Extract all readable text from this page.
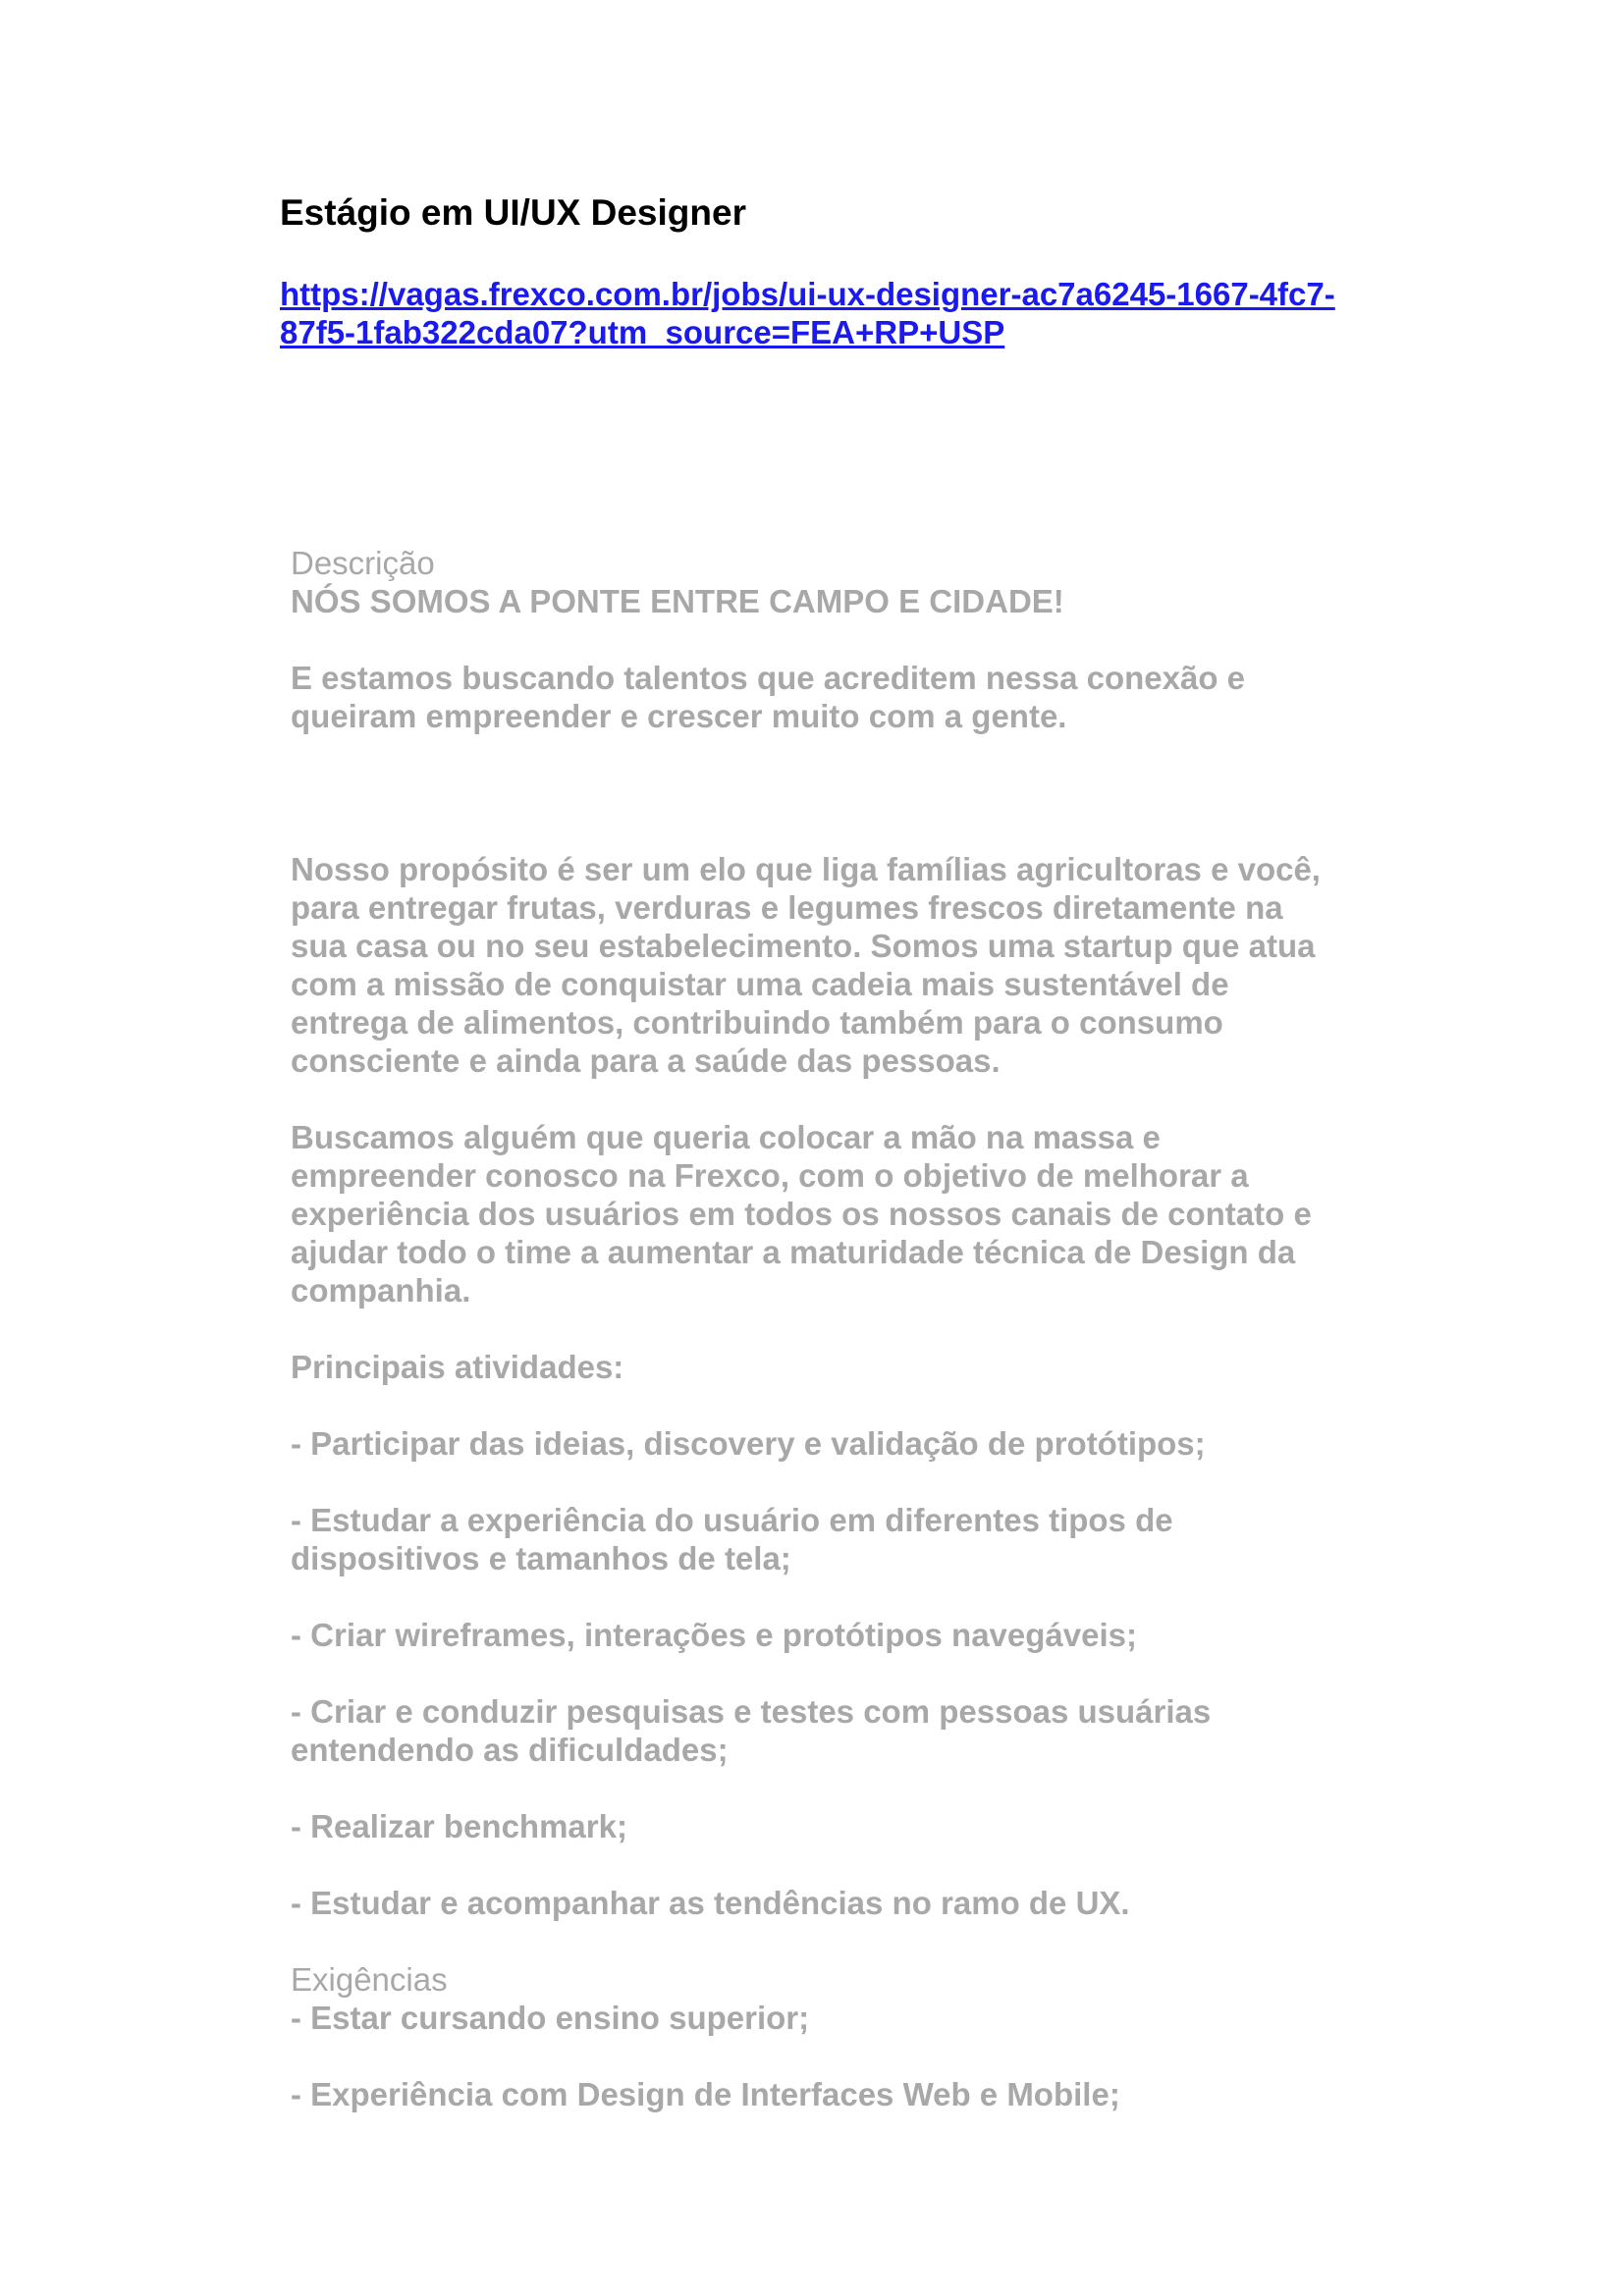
Estágio em UI/UX Designer
https://vagas.frexco.com.br/jobs/ui-ux-designer-ac7a6245-1667-4fc7-
87f5-1fab322cda07?utm_source=FEA+RP+USP
Descrição
NÓS SOMOS A PONTE ENTRE CAMPO E CIDADE!
E estamos buscando talentos que acreditem nessa conexão e
queiram empreender e crescer muito com a gente.
Nosso propósito é ser um elo que liga famílias agricultoras e você,
para entregar frutas, verduras e legumes frescos diretamente na
sua casa ou no seu estabelecimento. Somos uma startup que atua
com a missão de conquistar uma cadeia mais sustentável de
entrega de alimentos, contribuindo também para o consumo
consciente e ainda para a saúde das pessoas.
Buscamos alguém que queria colocar a mão na massa e
empreender conosco na Frexco, com o objetivo de melhorar a
experiência dos usuários em todos os nossos canais de contato e
ajudar todo o time a aumentar a maturidade técnica de Design da
companhia.
Principais atividades:
- Participar das ideias, discovery e validação de protótipos;
- Estudar a experiência do usuário em diferentes tipos de
dispositivos e tamanhos de tela;
- Criar wireframes, interações e protótipos navegáveis;
- Criar e conduzir pesquisas e testes com pessoas usuárias
entendendo as dificuldades;
- Realizar benchmark;
- Estudar e acompanhar as tendências no ramo de UX.
Exigências
- Estar cursando ensino superior;
- Experiência com Design de Interfaces Web e Mobile;
